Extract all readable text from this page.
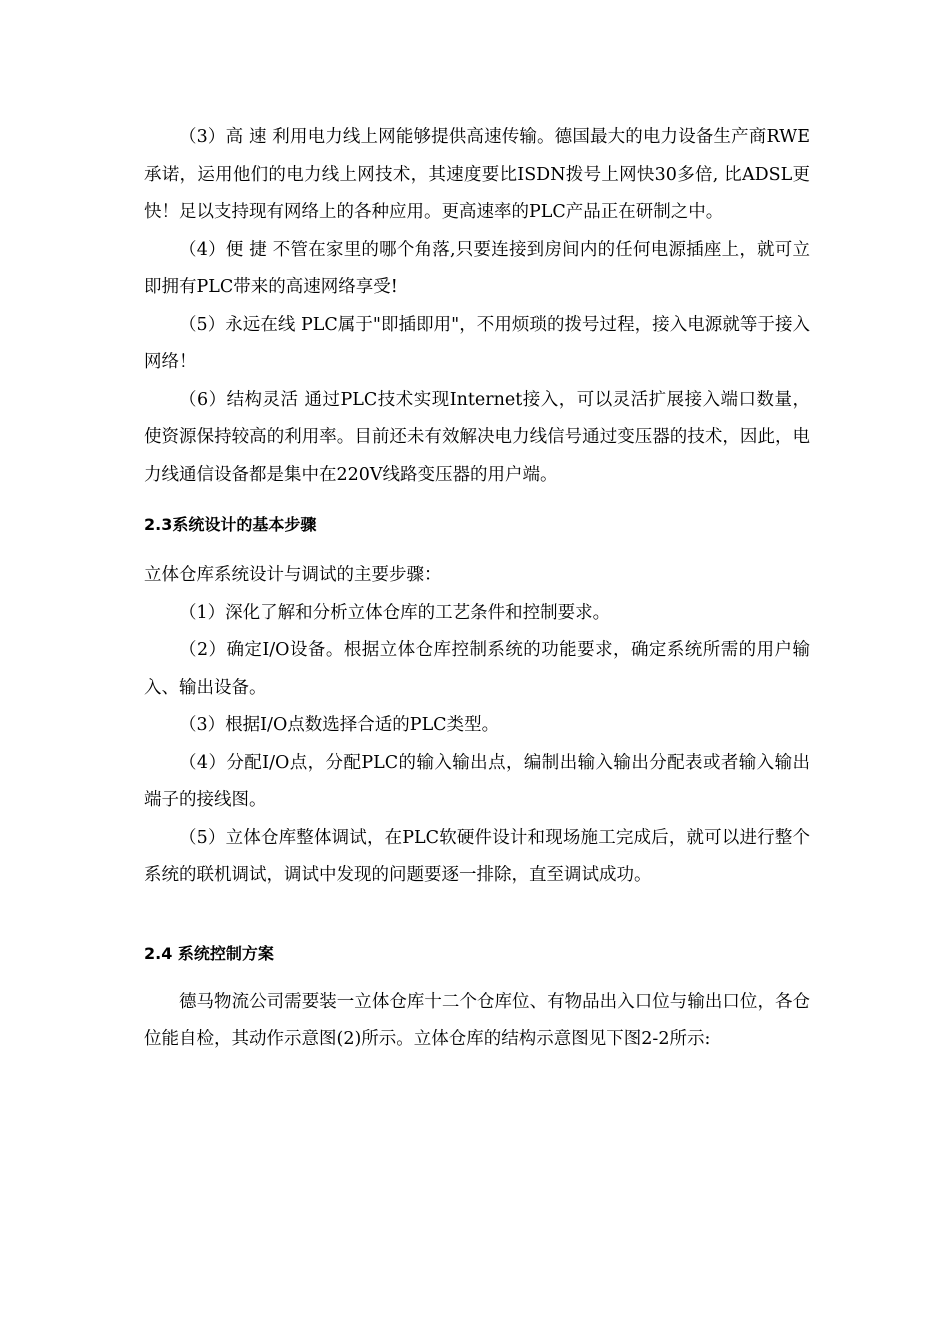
（3）高 速 利用电力线上网能够提供高速传输。德国最大的电力设备生产商RWE承诺，运用他们的电力线上网技术，其速度要比ISDN拨号上网快30多倍, 比ADSL更快！足以支持现有网络上的各种应用。更高速率的PLC产品正在研制之中。

（4）便 捷 不管在家里的哪个角落,只要连接到房间内的任何电源插座上，就可立即拥有PLC带来的高速网络享受!

（5）永远在线 PLC属于"即插即用"，不用烦琐的拨号过程，接入电源就等于接入网络！

（6）结构灵活 通过PLC技术实现Internet接入，可以灵活扩展接入端口数量，使资源保持较高的利用率。目前还未有效解决电力线信号通过变压器的技术，因此，电力线通信设备都是集中在220V线路变压器的用户端。

2.3系统设计的基本步骤

立体仓库系统设计与调试的主要步骤：

（1）深化了解和分析立体仓库的工艺条件和控制要求。

（2）确定I/O设备。根据立体仓库控制系统的功能要求，确定系统所需的用户输入、输出设备。

（3）根据I/O点数选择合适的PLC类型。

（4）分配I/O点，分配PLC的输入输出点，编制出输入输出分配表或者输入输出端子的接线图。

（5）立体仓库整体调试，在PLC软硬件设计和现场施工完成后，就可以进行整个系统的联机调试，调试中发现的问题要逐一排除，直至调试成功。

2.4 系统控制方案

德马物流公司需要装一立体仓库十二个仓库位、有物品出入口位与输出口位，各仓位能自检，其动作示意图(2)所示。立体仓库的结构示意图见下图2-2所示:
